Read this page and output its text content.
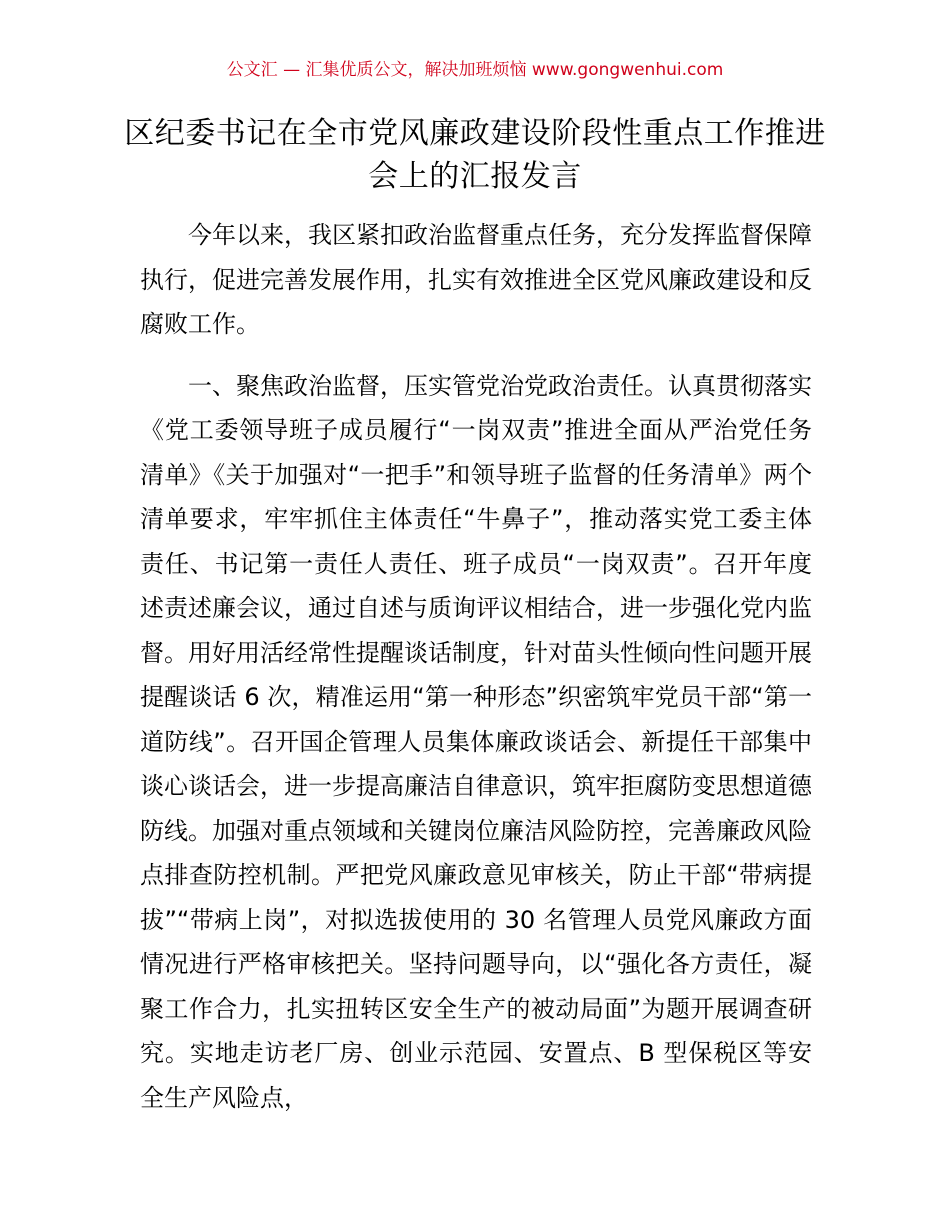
公文汇 — 汇集优质公文，解决加班烦恼 www.gongwenhui.com
区纪委书记在全市党风廉政建设阶段性重点工作推进会上的汇报发言

今年以来，我区紧扣政治监督重点任务，充分发挥监督保障执行，促进完善发展作用，扎实有效推进全区党风廉政建设和反腐败工作。

一、聚焦政治监督，压实管党治党政治责任。认真贯彻落实《党工委领导班子成员履行“一岗双责”推进全面从严治党任务清单》《关于加强对“一把手”和领导班子监督的任务清单》两个清单要求，牢牢抓住主体责任“牛鼻子”，推动落实党工委主体责任、书记第一责任人责任、班子成员“一岗双责”。召开年度述责述廉会议，通过自述与质询评议相结合，进一步强化党内监督。用好用活经常性提醒谈话制度，针对苗头性倾向性问题开展提醒谈话 6 次，精准运用“第一种形态”织密筑牢党员干部“第一道防线”。召开国企管理人员集体廉政谈话会、新提任干部集中谈心谈话会，进一步提高廉洁自律意识，筑牢拒腐防变思想道德防线。加强对重点领域和关键岗位廉洁风险防控，完善廉政风险点排查防控机制。严把党风廉政意见审核关，防止干部“带病提拔”“带病上岗”，对拟选拔使用的 30 名管理人员党风廉政方面情况进行严格审核把关。坚持问题导向，以“强化各方责任，凝聚工作合力，扎实扭转区安全生产的被动局面”为题开展调查研究。实地走访老厂房、创业示范园、安置点、B 型保税区等安全生产风险点，
